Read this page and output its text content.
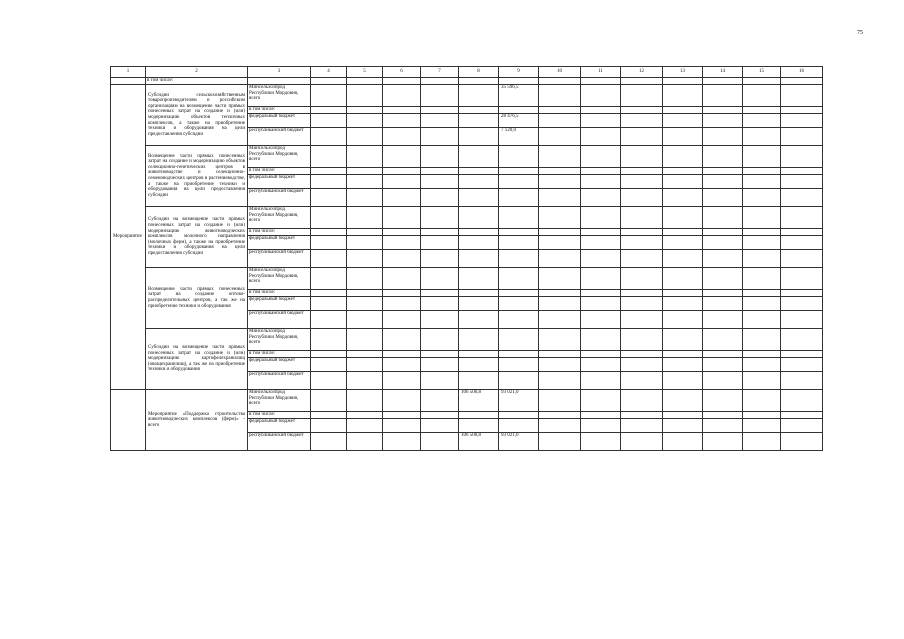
75
1	2	3	4	5	6	7	8	9	10	11	12	13	14	15	16
	в том числе:														
Мероприятие	Субсидии сельскохозяйственным товаропроизводителям и российским организациям на возмещение части прямых понесенных затрат на создание и (или) модернизацию объектов тепличных комплексов, а также на приобретение техники и оборудования на цели предоставления субсидии	Минсельхозпрод Республики Мордовия, всего						35 596,5							
		в том числе:													
		федеральный бюджет						28 476,5							
		республиканский бюджет						7 120,0							
	Возмещение части прямых понесенных затрат на создание и модернизацию объектов селекционно-генетических центров в животноводстве и селекционно-семеноводческих центров в растениеводстве, а также на приобретение техники и оборудования на цели предоставления субсидии	Минсельхозпрод Республики Мордовия, всего													
		в том числе:													
		федеральный бюджет													
		республиканский бюджет													
	Субсидии на возмещение части прямых понесенных затрат на создание и (или) модернизацию животноводческих комплексов молочного направления (молочных ферм), а также на приобретение техники и оборудования на цели предоставления субсидии	Минсельхозпрод Республики Мордовия, всего													
		в том числе:													
		федеральный бюджет													
		республиканский бюджет													
	Возмещение части прямых понесенных затрат на создание оптово-распределительных центров, а так же на приобретение техники и оборудования	Минсельхозпрод Республики Мордовия, всего													
		в том числе:													
		федеральный бюджет													
		республиканский бюджет													
	Субсидии на возмещение части прямых понесенных затрат на создание и (или) модернизацию картофелехранилищ (овощехранилищ), а так же на приобретение техники и оборудования	Минсельхозпрод Республики Мордовия, всего													
		в том числе:													
		федеральный бюджет													
		республиканский бюджет													
	Мероприятие «Поддержка строительства животноводческих комплексов (ферм)» - всего	Минсельхозпрод Республики Мордовия, всего					106 500,8	93 021,0							
		в том числе:													
		федеральный бюджет													
		республиканский бюджет					106 500,8	93 021,0							
